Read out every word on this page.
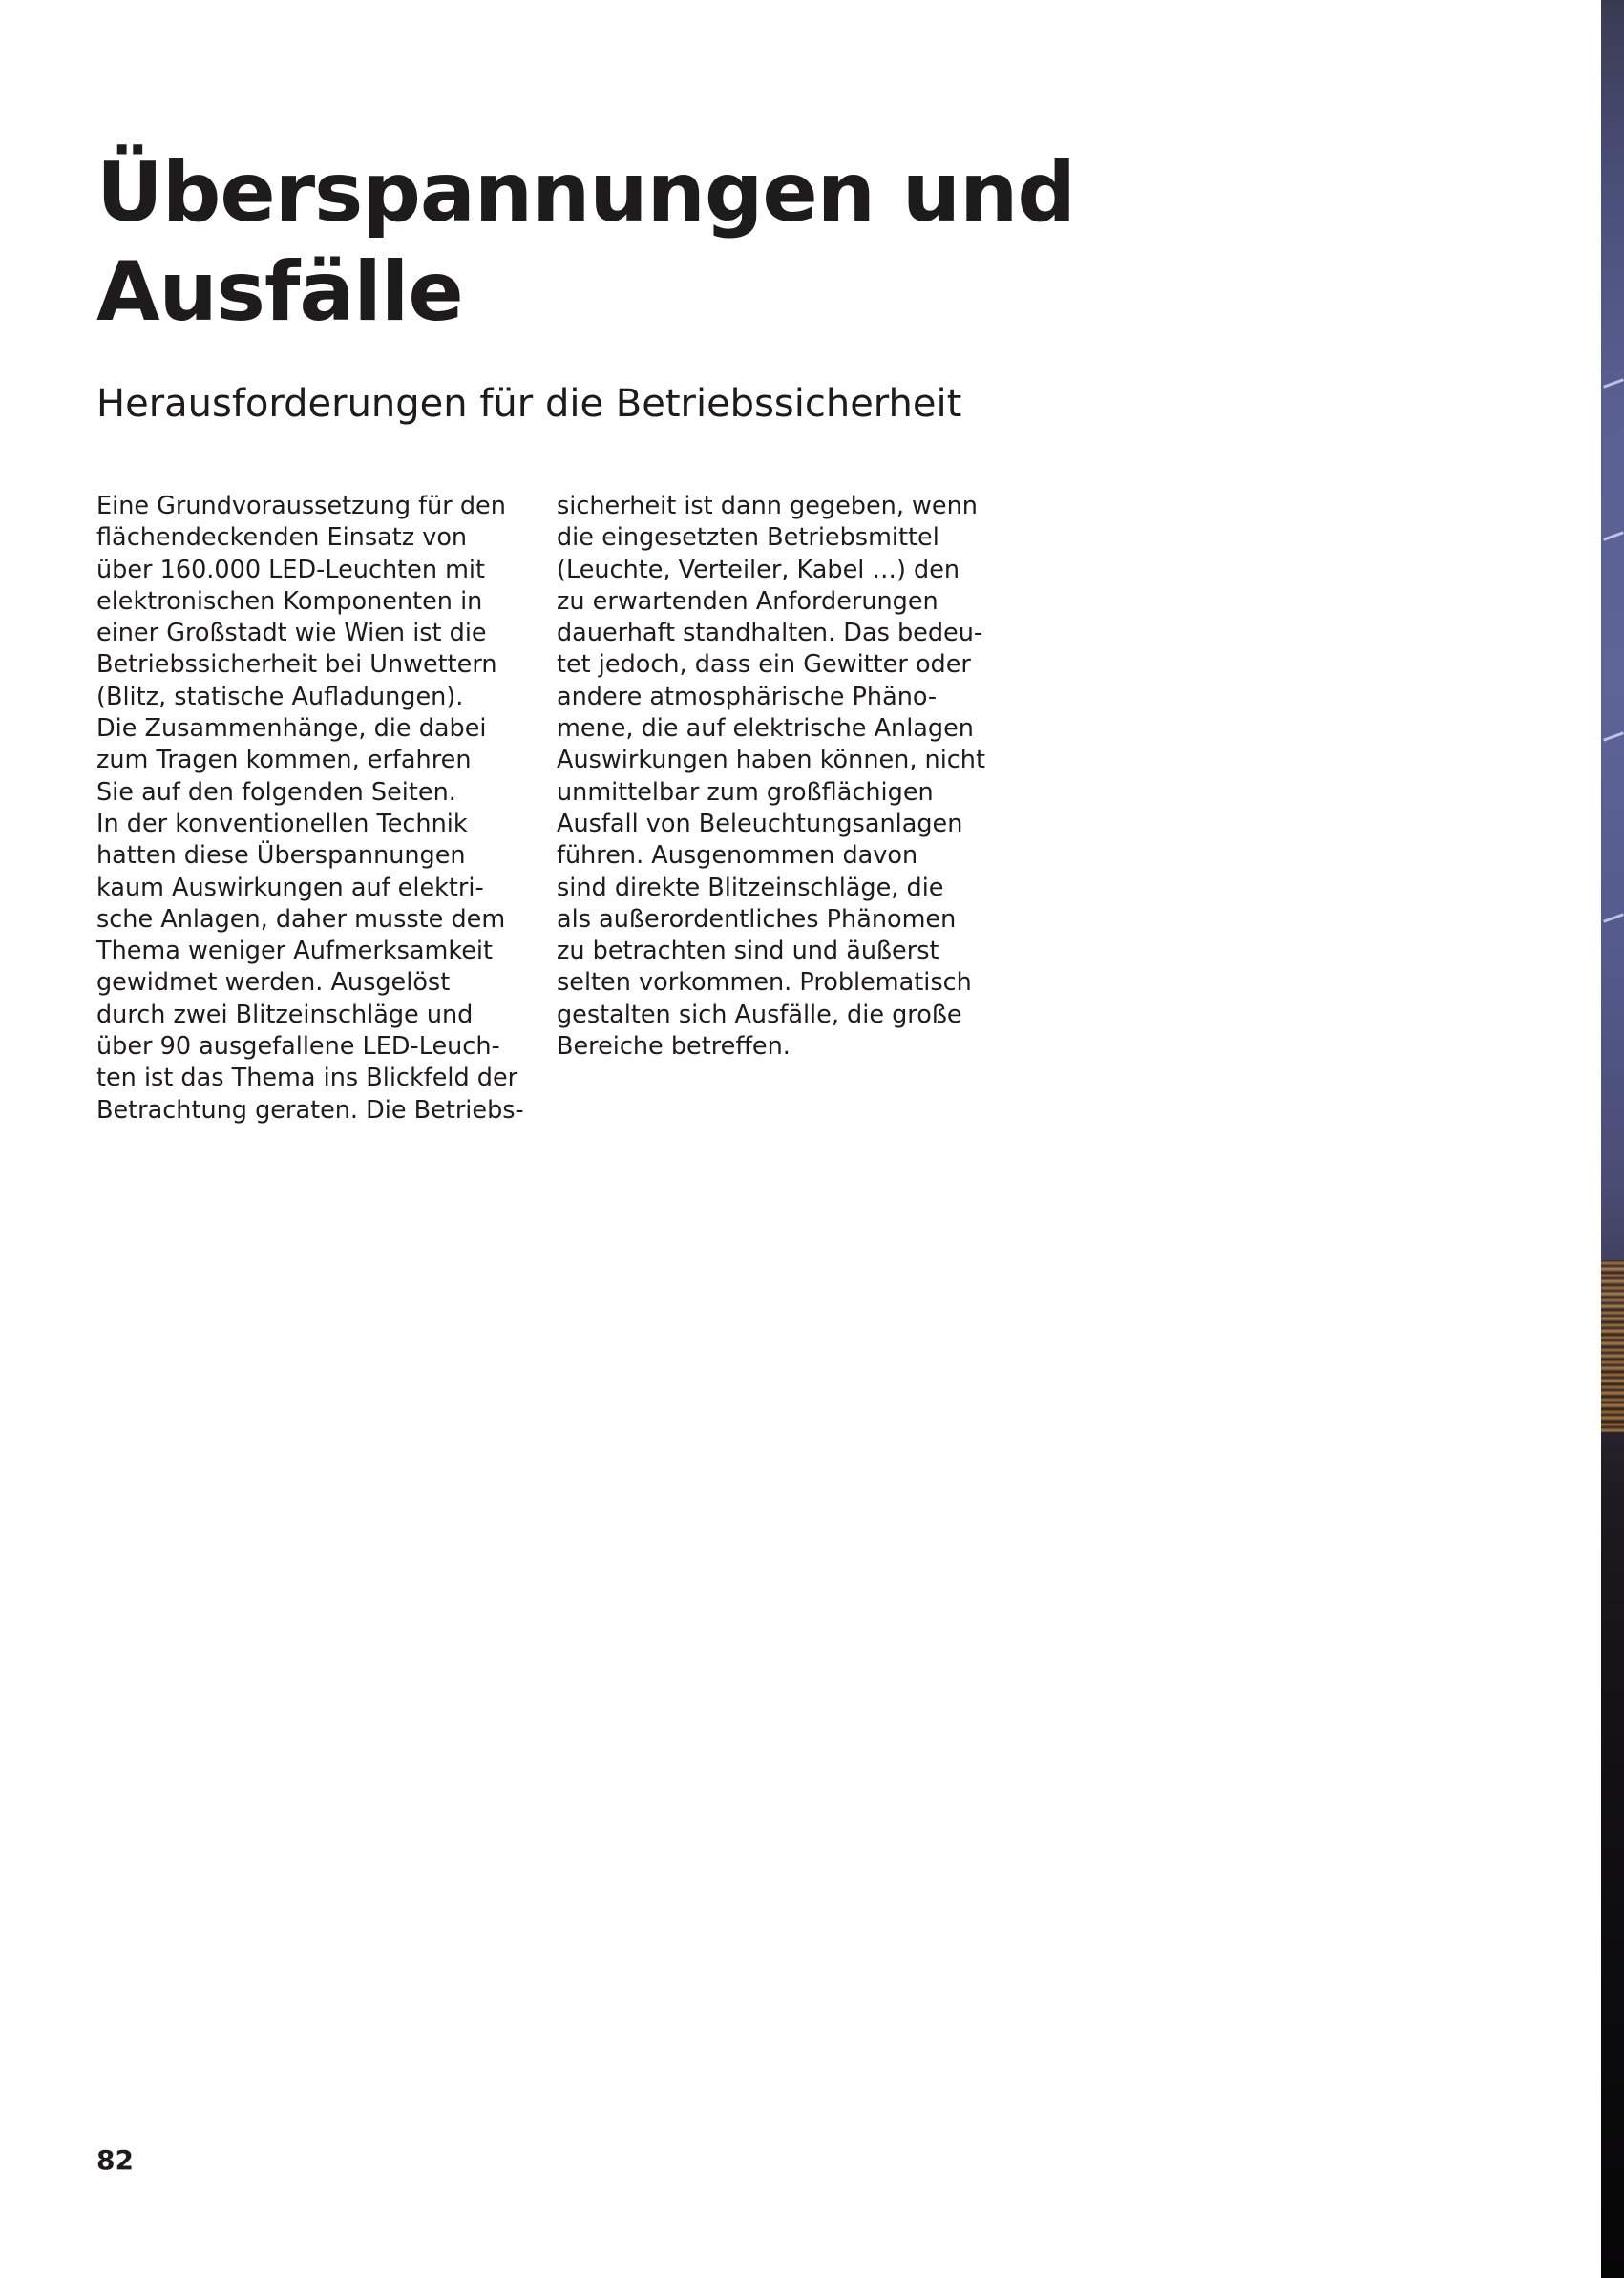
Überspannungen und
Ausfälle
Herausforderungen für die Betriebssicherheit
Eine Grundvoraussetzung für den
flächendeckenden Einsatz von
über 160.000 LED-Leuchten mit
elektronischen Komponenten in
einer Großstadt wie Wien ist die
Betriebssicherheit bei Unwettern
(Blitz, statische Aufladungen).
Die Zusammenhänge, die dabei
zum Tragen kommen, erfahren
Sie auf den folgenden Seiten.
In der konventionellen Technik
hatten diese Überspannungen
kaum Auswirkungen auf elektri-
sche Anlagen, daher musste dem
Thema weniger Aufmerksamkeit
gewidmet werden. Ausgelöst
durch zwei Blitzeinschläge und
über 90 ausgefallene LED-Leuch-
ten ist das Thema ins Blickfeld der
Betrachtung geraten. Die Betriebs-
sicherheit ist dann gegeben, wenn
die eingesetzten Betriebsmittel
(Leuchte, Verteiler, Kabel …) den
zu erwartenden Anforderungen
dauerhaft standhalten. Das bedeu-
tet jedoch, dass ein Gewitter oder
andere atmosphärische Phäno-
mene, die auf elektrische Anlagen
Auswirkungen haben können, nicht
unmittelbar zum großflächigen
Ausfall von Beleuchtungsanlagen
führen. Ausgenommen davon
sind direkte Blitzeinschläge, die
als außerordentliches Phänomen
zu betrachten sind und äußerst
selten vorkommen. Problematisch
gestalten sich Ausfälle, die große
Bereiche betreffen.
82
